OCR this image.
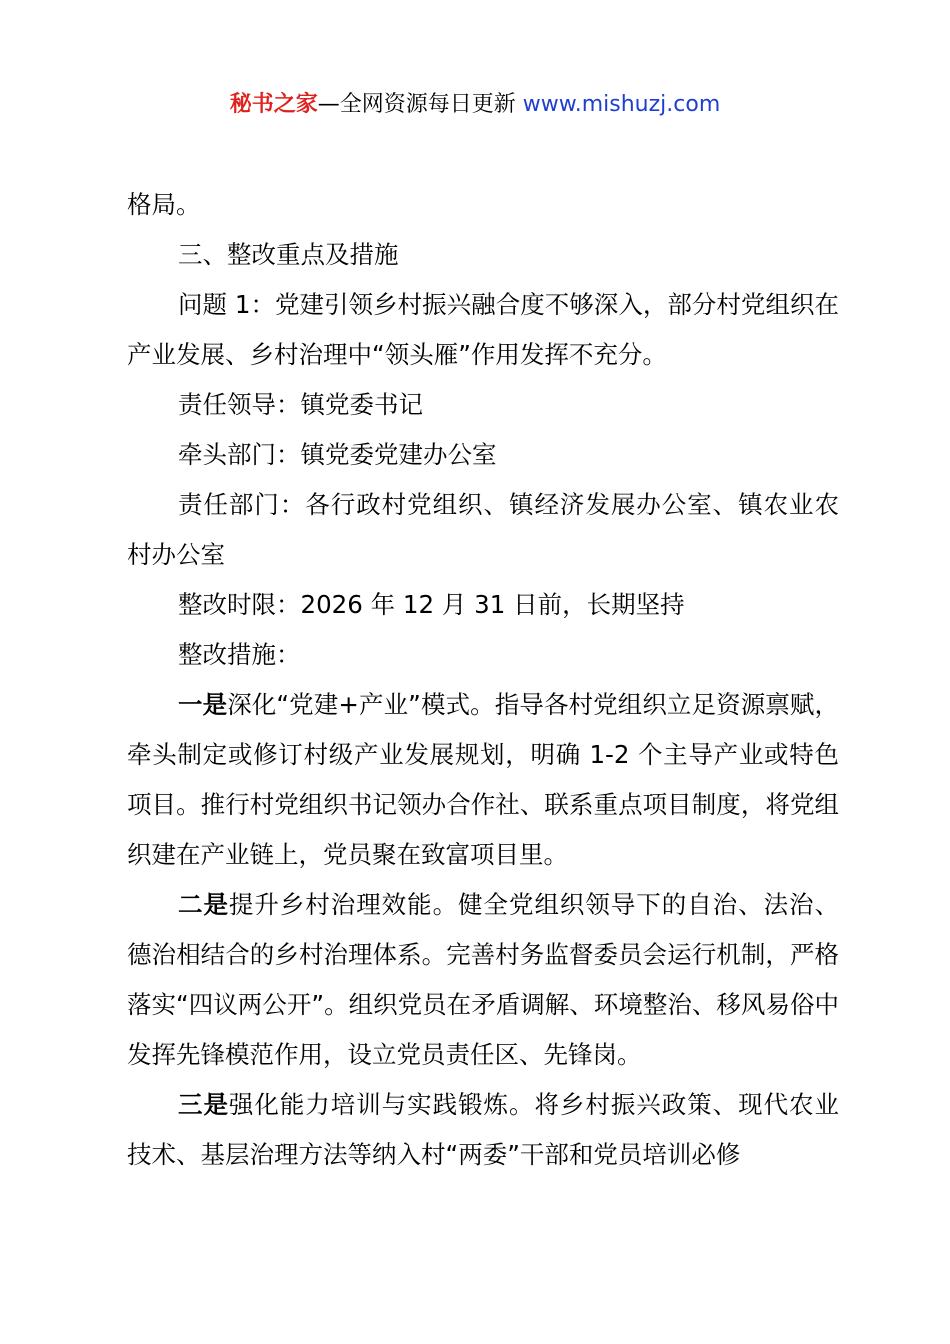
秘书之家—全网资源每日更新 www.mishuzj.com

格局。

三、整改重点及措施

问题 1：党建引领乡村振兴融合度不够深入，部分村党组织在产业发展、乡村治理中“领头雁”作用发挥不充分。

责任领导：镇党委书记

牵头部门：镇党委党建办公室

责任部门：各行政村党组织、镇经济发展办公室、镇农业农村办公室

整改时限：2026 年 12 月 31 日前，长期坚持

整改措施：

一是深化“党建+产业”模式。指导各村党组织立足资源禀赋，牵头制定或修订村级产业发展规划，明确 1-2 个主导产业或特色项目。推行村党组织书记领办合作社、联系重点项目制度，将党组织建在产业链上，党员聚在致富项目里。

二是提升乡村治理效能。健全党组织领导下的自治、法治、德治相结合的乡村治理体系。完善村务监督委员会运行机制，严格落实“四议两公开”。组织党员在矛盾调解、环境整治、移风易俗中发挥先锋模范作用，设立党员责任区、先锋岗。

三是强化能力培训与实践锻炼。将乡村振兴政策、现代农业技术、基层治理方法等纳入村“两委”干部和党员培训必修
